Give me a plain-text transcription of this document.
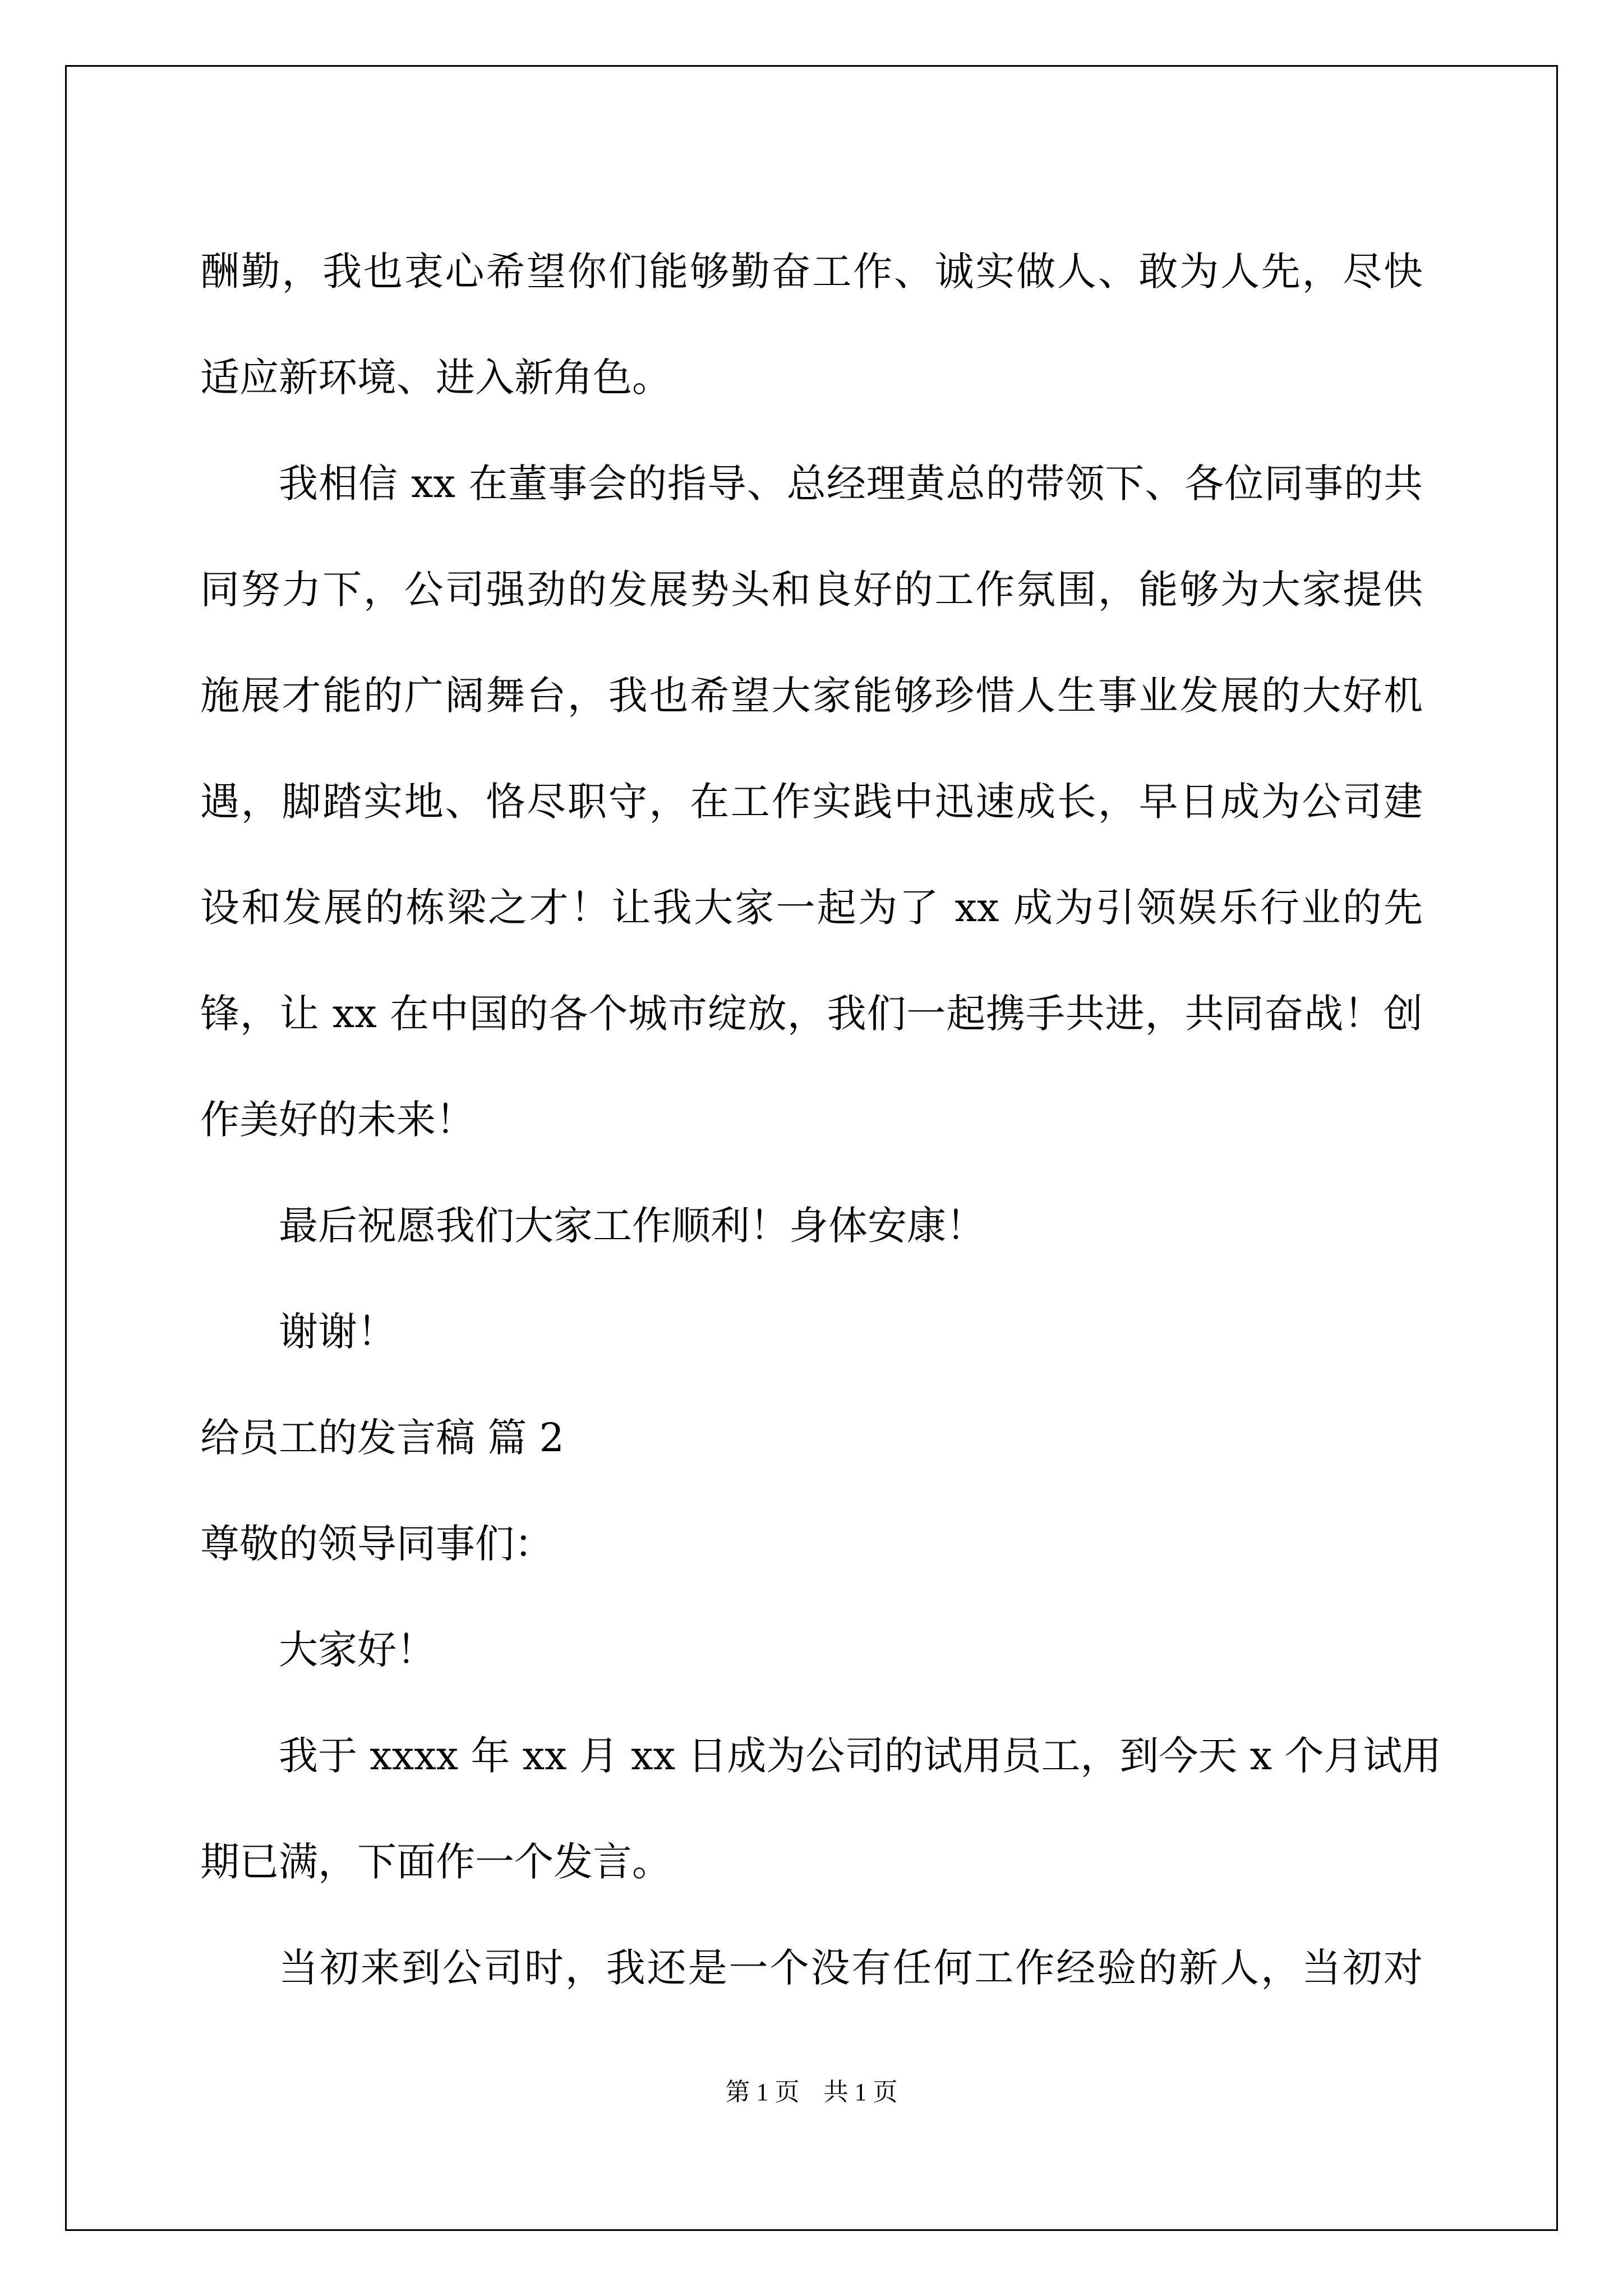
酬勤，我也衷心希望你们能够勤奋工作、诚实做人、敢为人先，尽快

适应新环境、进入新角色。

我相信 xx 在董事会的指导、总经理黄总的带领下、各位同事的共

同努力下，公司强劲的发展势头和良好的工作氛围，能够为大家提供

施展才能的广阔舞台，我也希望大家能够珍惜人生事业发展的大好机

遇，脚踏实地、恪尽职守，在工作实践中迅速成长，早日成为公司建

设和发展的栋梁之才！让我大家一起为了 xx 成为引领娱乐行业的先

锋，让 xx 在中国的各个城市绽放，我们一起携手共进，共同奋战！创

作美好的未来！

最后祝愿我们大家工作顺利！身体安康！

谢谢！

给员工的发言稿 篇 2

尊敬的领导同事们：

大家好！

我于 xxxx 年 xx 月 xx 日成为公司的试用员工，到今天 x 个月试用

期已满，下面作一个发言。

当初来到公司时，我还是一个没有任何工作经验的新人，当初对

第 1 页 共 1 页
